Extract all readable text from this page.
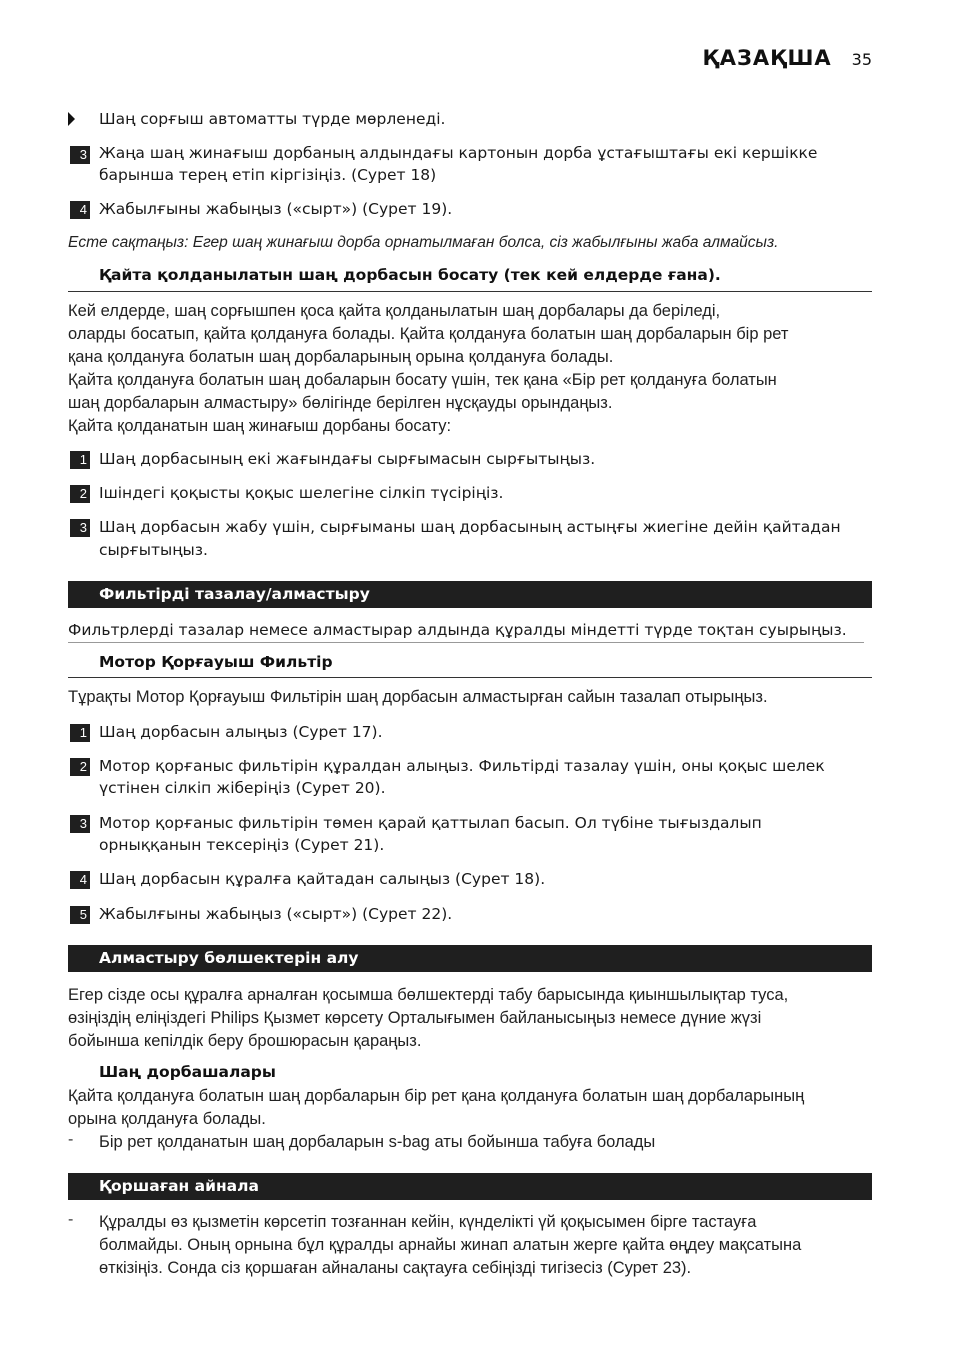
ҚАЗАҚША 35
Шаң сорғыш автоматты түрде мөрленеді.
3 Жаңа шаң жинағыш дорбаның алдындағы картонын дорба ұстағыштағы екі кершікке
барынша терең етіп кіргізіңіз. (Сурет 18)
4 Жабылғыны жабыңыз («сырт») (Сурет 19).
Есте сақтаңыз: Егер шаң жинағыш дорба орнатылмаған болса, сіз жабылғыны жаба алмайсыз.
Қайта қолданылатын шаң дорбасын босату (тек кей елдерде ғана).
Кей елдерде, шаң сорғышпен қоса қайта қолданылатын шаң дорбалары да беріледі,
оларды босатып, қайта қолдануға болады. Қайта қолдануға болатын шаң дорбаларын бір рет
қана қолдануға болатын шаң дорбаларының орына қолдануға болады.
Қайта қолдануға болатын шаң добаларын босату үшін, тек қана «Бір рет қолдануға болатын
шаң дорбаларын алмастыру» бөлігінде берілген нұсқауды орындаңыз.
Қайта қолданатын шаң жинағыш дорбаны босату:
1 Шаң дорбасының екі жағындағы сырғымасын сырғытыңыз.
2 Ішіндегі қоқысты қоқыс шелегіне сілкіп түсіріңіз.
3 Шаң дорбасын жабу үшін, сырғыманы шаң дорбасының астыңғы жиегіне дейін қайтадан
сырғытыңыз.
Фильтірді тазалау/алмастыру
Фильтрлерді тазалар немесе алмастырар алдында құралды міндетті түрде тоқтан суырыңыз.
Мотор Қорғауыш Фильтір
Тұрақты Мотор Қорғауыш Фильтірін шаң дорбасын алмастырған сайын тазалап отырыңыз.
1 Шаң дорбасын алыңыз (Сурет 17).
2 Мотор қорғаныс фильтірін құралдан алыңыз. Фильтірді тазалау үшін, оны қоқыс шелек
үстінен сілкіп жіберіңіз (Сурет 20).
3 Мотор қорғаныс фильтірін төмен қарай қаттылап басып. Ол түбіне тығыздалып
орныққанын тексеріңіз (Сурет 21).
4 Шаң дорбасын құралға қайтадан салыңыз (Сурет 18).
5 Жабылғыны жабыңыз («сырт») (Сурет 22).
Алмастыру бөлшектерін алу
Егер сізде осы құралға арналған қосымша бөлшектерді табу барысында қиыншылықтар туса,
өзіңіздің еліңіздегі Philips Қызмет көрсету Орталығымен байланысыңыз немесе дүние жүзі
бойынша кепілдік беру брошюрасын қараңыз.
Шаң дорбашалары
Қайта қолдануға болатын шаң дорбаларын бір рет қана қолдануға болатын шаң дорбаларының
орына қолдануға болады.
- Бір рет қолданатын шаң дорбаларын s-bag аты бойынша табуға болады
Қоршаған айнала
- Құралды өз қызметін көрсетіп тозғаннан кейін, күнделікті үй қоқысымен бірге тастауға
болмайды. Оның орнына бұл құралды арнайы жинап алатын жерге қайта өңдеу мақсатына
өткізіңіз. Сонда сіз қоршаған айналаны сақтауға себіңізді тигізесіз (Сурет 23).
